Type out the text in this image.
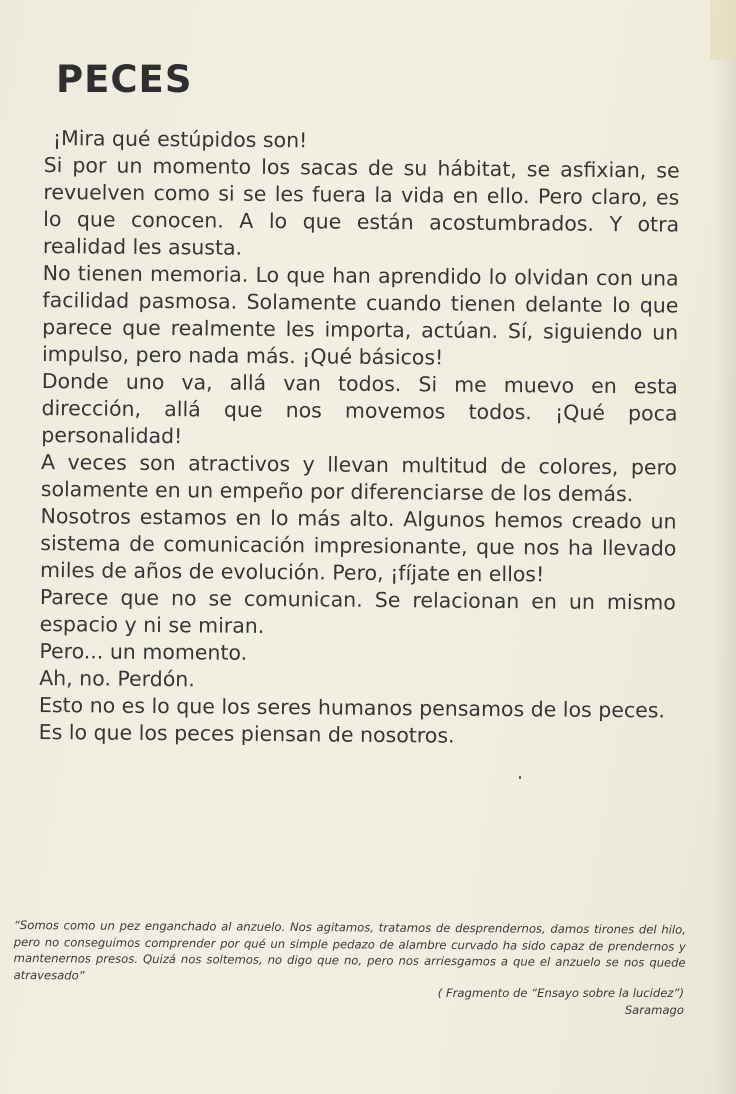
PECES

¡Mira qué estúpidos son!

Si por un momento los sacas de su hábitat, se asfixian, se revuelven como si se les fuera la vida en ello. Pero claro, es lo que conocen. A lo que están acostumbrados. Y otra realidad les asusta.

No tienen memoria. Lo que han aprendido lo olvidan con una facilidad pasmosa. Solamente cuando tienen delante lo que parece que realmente les importa, actúan. Sí, siguiendo un impulso, pero nada más. ¡Qué básicos!

Donde uno va, allá van todos. Si me muevo en esta dirección, allá que nos movemos todos. ¡Qué poca personalidad!

A veces son atractivos y llevan multitud de colores, pero solamente en un empeño por diferenciarse de los demás.

Nosotros estamos en lo más alto. Algunos hemos creado un sistema de comunicación impresionante, que nos ha llevado miles de años de evolución. Pero, ¡fíjate en ellos!

Parece que no se comunican. Se relacionan en un mismo espacio y ni se miran.

Pero... un momento.

Ah, no. Perdón.

Esto no es lo que los seres humanos pensamos de los peces.

Es lo que los peces piensan de nosotros.

“Somos como un pez enganchado al anzuelo. Nos agitamos, tratamos de desprendernos, damos tirones del hilo, pero no conseguimos comprender por qué un simple pedazo de alambre curvado ha sido capaz de prendernos y mantenernos presos. Quizá nos soltemos, no digo que no, pero nos arriesgamos a que el anzuelo se nos quede atravesado”
( Fragmento de “Ensayo sobre la lucidez”)
Saramago
